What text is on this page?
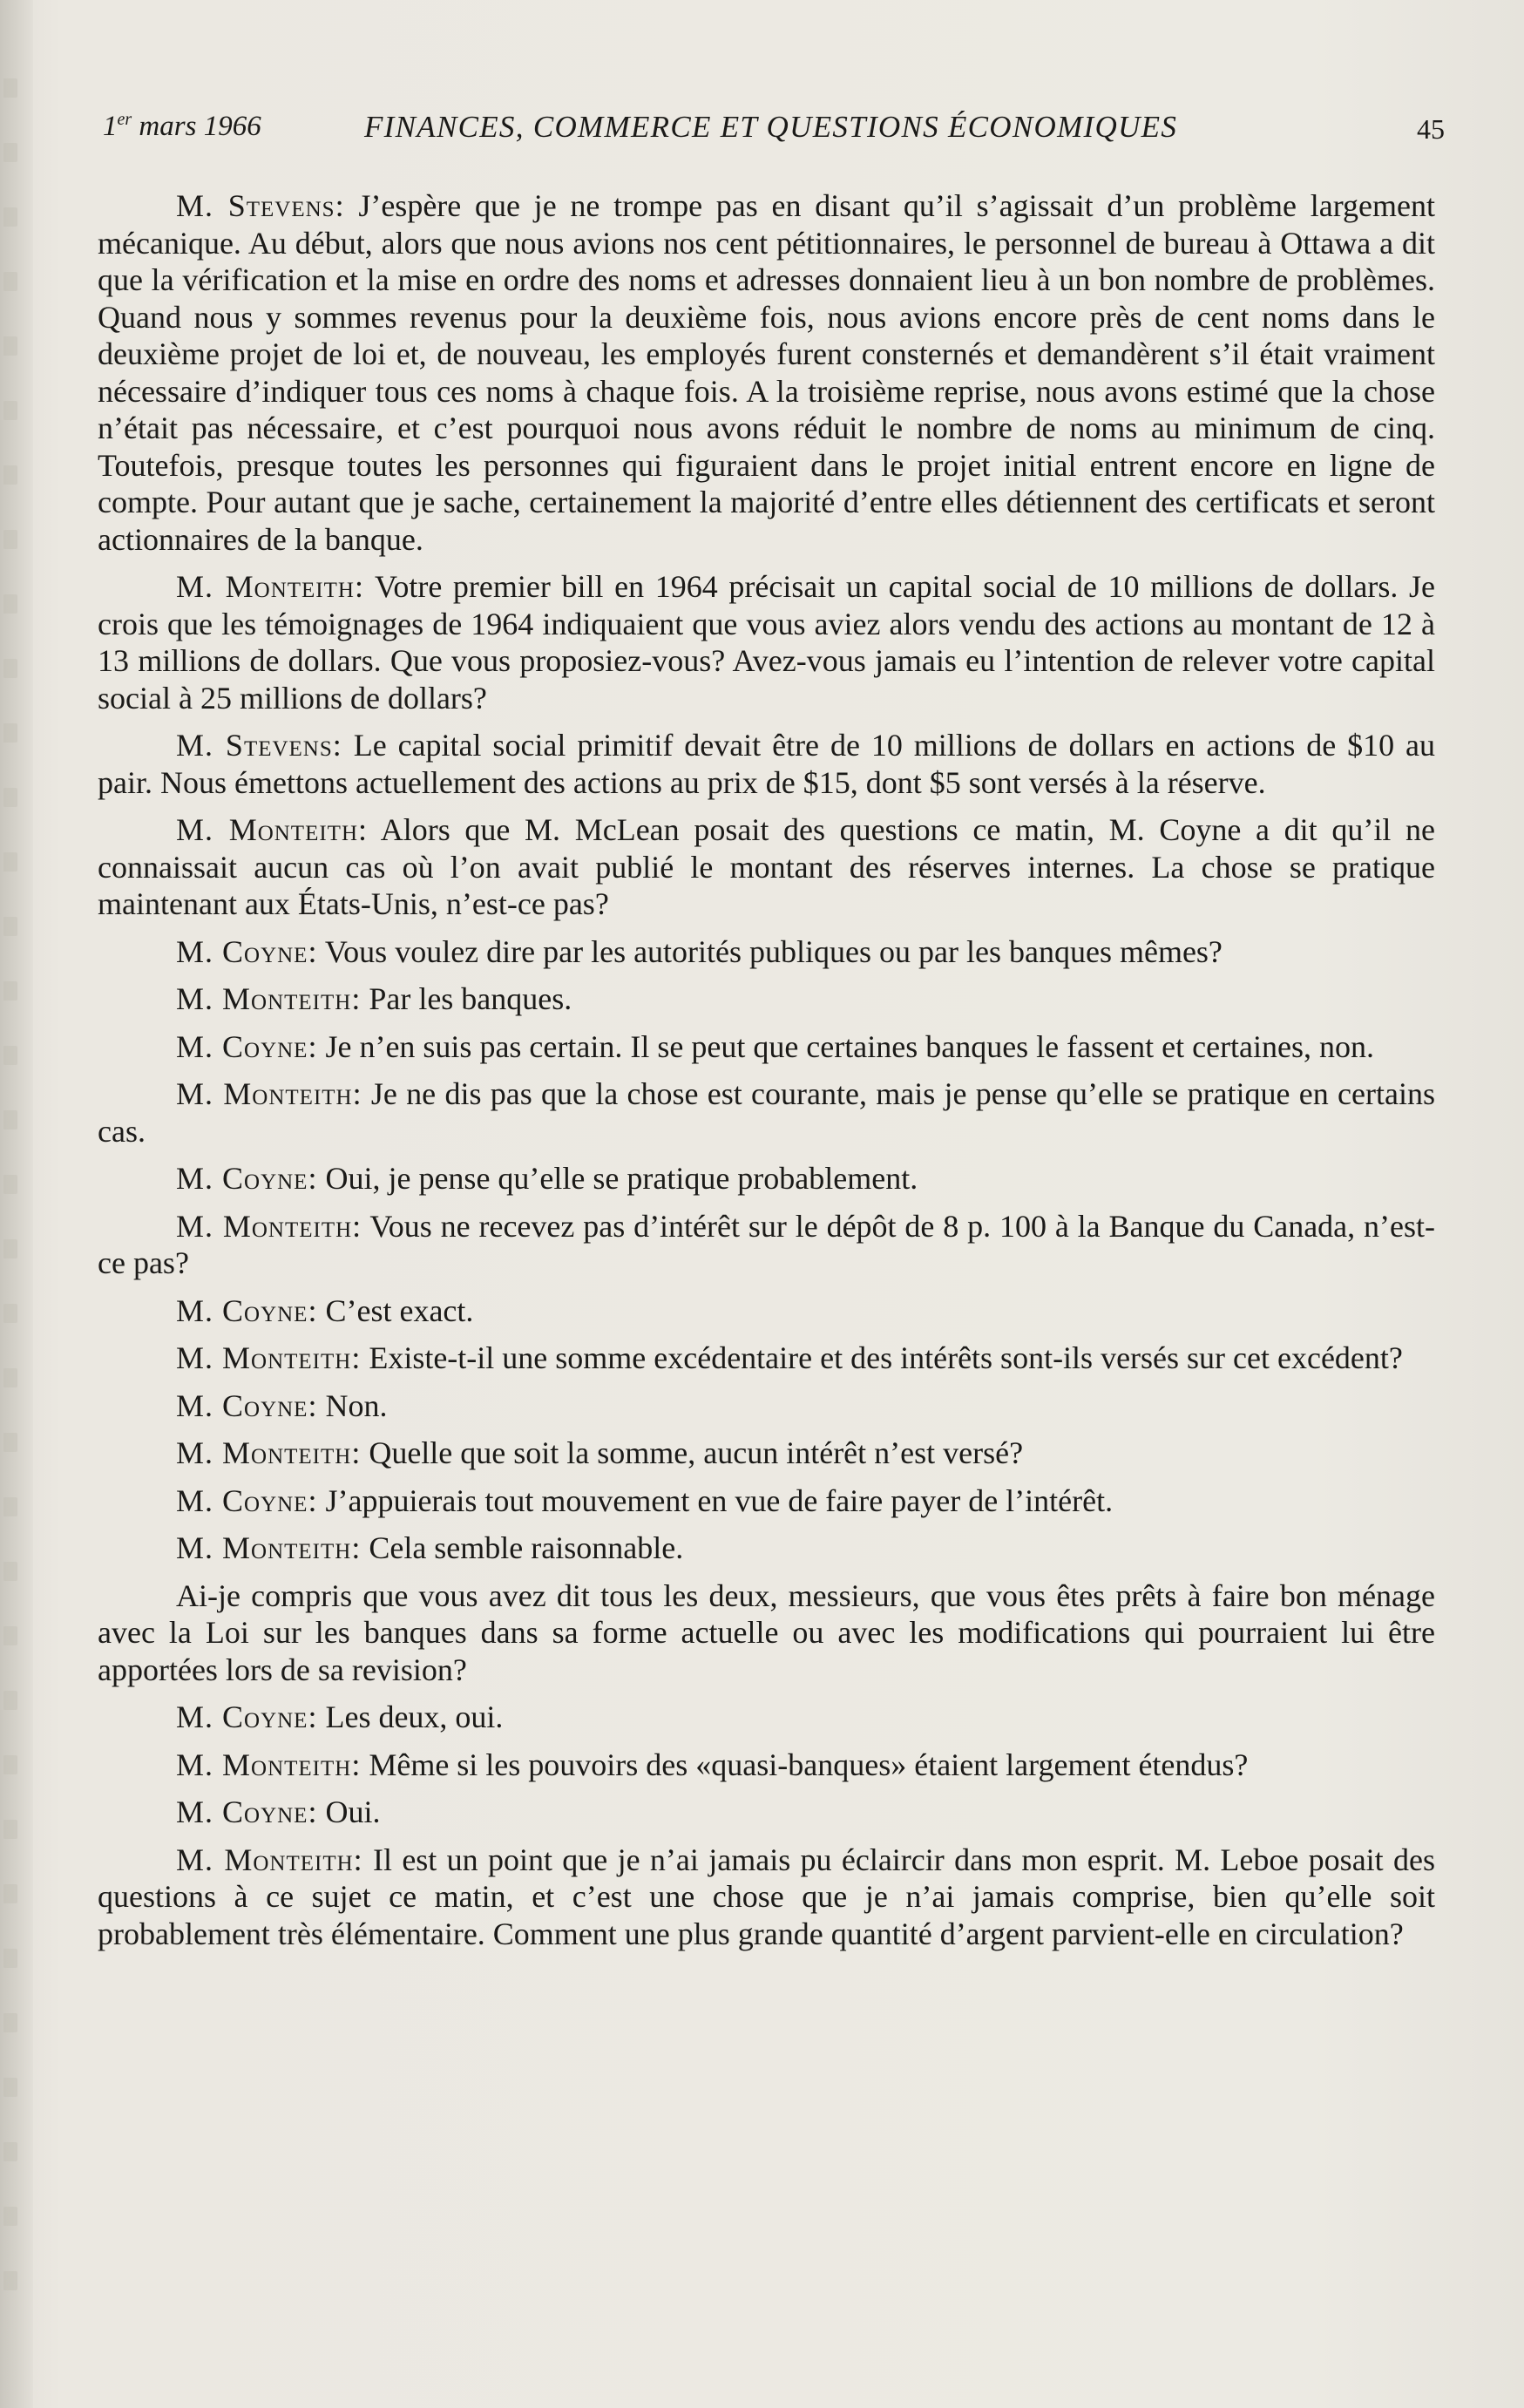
1er mars 1966	FINANCES, COMMERCE ET QUESTIONS ÉCONOMIQUES	45

M. Stevens: J’espère que je ne trompe pas en disant qu’il s’agissait d’un problème largement mécanique. Au début, alors que nous avions nos cent pétitionnaires, le personnel de bureau à Ottawa a dit que la vérification et la mise en ordre des noms et adresses donnaient lieu à un bon nombre de problèmes. Quand nous y sommes revenus pour la deuxième fois, nous avions encore près de cent noms dans le deuxième projet de loi et, de nouveau, les employés furent consternés et demandèrent s’il était vraiment nécessaire d’indiquer tous ces noms à chaque fois. A la troisième reprise, nous avons estimé que la chose n’était pas nécessaire, et c’est pourquoi nous avons réduit le nombre de noms au minimum de cinq. Toutefois, presque toutes les personnes qui figuraient dans le projet initial entrent encore en ligne de compte. Pour autant que je sache, certainement la majorité d’entre elles détiennent des certificats et seront actionnaires de la banque.

M. Monteith: Votre premier bill en 1964 précisait un capital social de 10 millions de dollars. Je crois que les témoignages de 1964 indiquaient que vous aviez alors vendu des actions au montant de 12 à 13 millions de dollars. Que vous proposiez-vous? Avez-vous jamais eu l’intention de relever votre capital social à 25 millions de dollars?

M. Stevens: Le capital social primitif devait être de 10 millions de dollars en actions de $10 au pair. Nous émettons actuellement des actions au prix de $15, dont $5 sont versés à la réserve.

M. Monteith: Alors que M. McLean posait des questions ce matin, M. Coyne a dit qu’il ne connaissait aucun cas où l’on avait publié le montant des réserves internes. La chose se pratique maintenant aux États-Unis, n’est-ce pas?

M. Coyne: Vous voulez dire par les autorités publiques ou par les banques mêmes?

M. Monteith: Par les banques.

M. Coyne: Je n’en suis pas certain. Il se peut que certaines banques le fassent et certaines, non.

M. Monteith: Je ne dis pas que la chose est courante, mais je pense qu’elle se pratique en certains cas.

M. Coyne: Oui, je pense qu’elle se pratique probablement.

M. Monteith: Vous ne recevez pas d’intérêt sur le dépôt de 8 p. 100 à la Banque du Canada, n’est-ce pas?

M. Coyne: C’est exact.

M. Monteith: Existe-t-il une somme excédentaire et des intérêts sont-ils versés sur cet excédent?

M. Coyne: Non.

M. Monteith: Quelle que soit la somme, aucun intérêt n’est versé?

M. Coyne: J’appuierais tout mouvement en vue de faire payer de l’intérêt.

M. Monteith: Cela semble raisonnable.

Ai-je compris que vous avez dit tous les deux, messieurs, que vous êtes prêts à faire bon ménage avec la Loi sur les banques dans sa forme actuelle ou avec les modifications qui pourraient lui être apportées lors de sa revision?

M. Coyne: Les deux, oui.

M. Monteith: Même si les pouvoirs des «quasi-banques» étaient largement étendus?

M. Coyne: Oui.

M. Monteith: Il est un point que je n’ai jamais pu éclaircir dans mon esprit. M. Leboe posait des questions à ce sujet ce matin, et c’est une chose que je n’ai jamais comprise, bien qu’elle soit probablement très élémentaire. Comment une plus grande quantité d’argent parvient-elle en circulation?
